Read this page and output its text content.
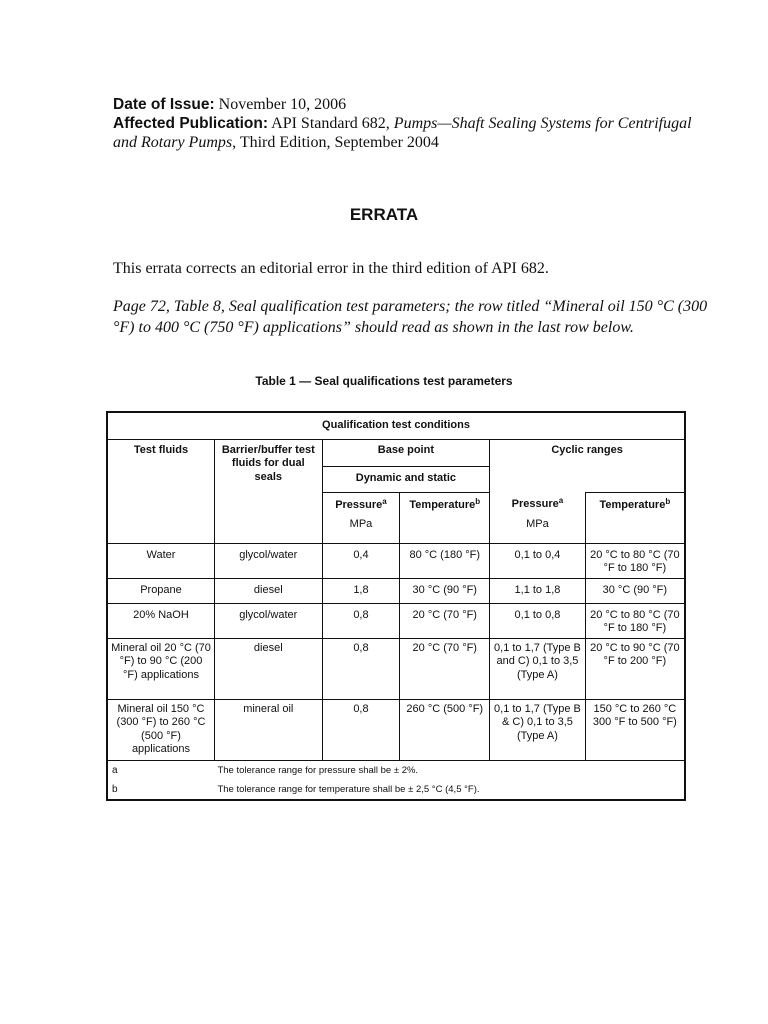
Date of Issue: November 10, 2006
Affected Publication: API Standard 682, Pumps—Shaft Sealing Systems for Centrifugal and Rotary Pumps, Third Edition, September 2004
ERRATA
This errata corrects an editorial error in the third edition of API 682.
Page 72, Table 8, Seal qualification test parameters; the row titled “Mineral oil 150 °C (300 °F) to 400 °C (750 °F) applications” should read as shown in the last row below.
Table 1 — Seal qualifications test parameters
Qualification test conditions					
Test fluids	Barrier/buffer test fluids for dual seals	Base point		Cyclic ranges	
		Dynamic and static			
		Pressure$^a$	Temperature$^b$	Pressure$^a$	Temperature$^b$
		MPa		MPa	
Water	glycol/water	0,4	80 °C (180 °F)	0,1 to 0,4	20 °C to 80 °C (70 °F to 180 °F)
Propane	diesel	1,8	30 °C (90 °F)	1,1 to 1,8	30 °C (90 °F)
20% NaOH	glycol/water	0,8	20 °C (70 °F)	0,1 to 0,8	20 °C to 80 °C (70 °F to 180 °F)
Mineral oil 20 °C (70 °F) to 90 °C (200 °F) applications	diesel	0,8	20 °C (70 °F)	0,1 to 1,7 (Type B and C) 0,1 to 3,5 (Type A)	20 °C to 90 °C (70 °F to 200 °F)
Mineral oil 150 °C (300 °F) to 260 °C (500 °F) applications	mineral oil	0,8	260 °C (500 °F)	0,1 to 1,7 (Type B & C) 0,1 to 3,5 (Type A)	150 °C to 260 °C 300 °F to 500 °F)
a	The tolerance range for pressure shall be ± 2%.				
b	The tolerance range for temperature shall be ± 2,5 °C (4,5 °F).				
